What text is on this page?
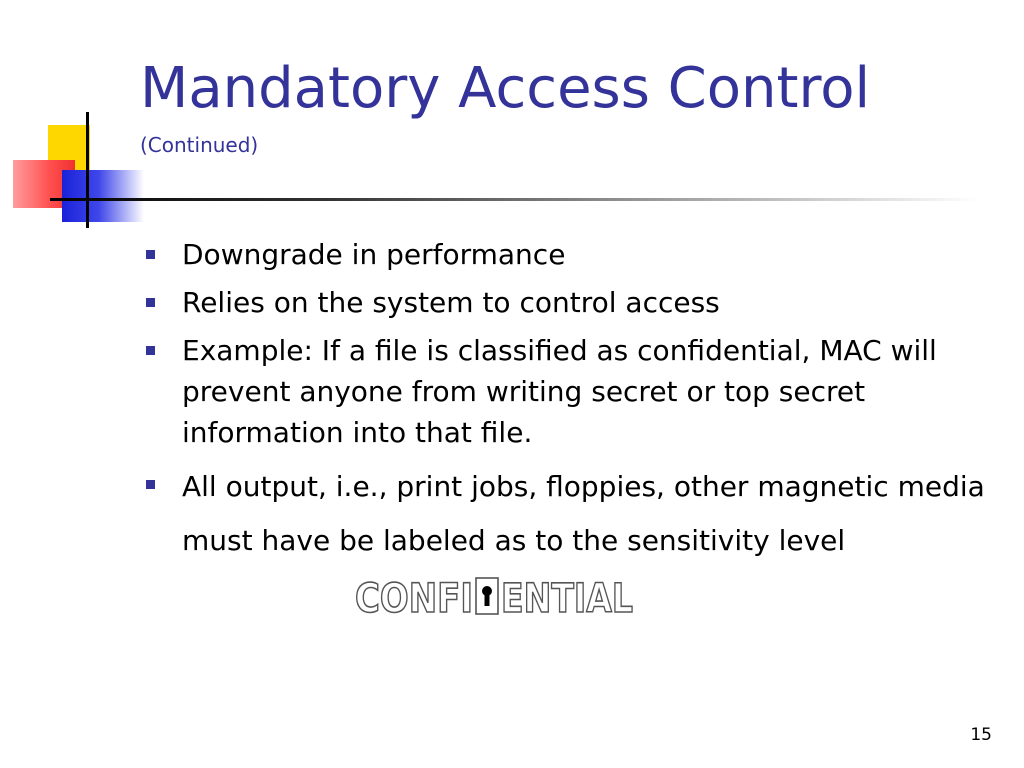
Mandatory Access Control
(Continued)
Downgrade in performance
Relies on the system to control access
Example: If a file is classified as confidential, MAC will prevent anyone from writing secret or top secret information into that file.
All output, i.e., print jobs, floppies, other magnetic media must have be labeled as to the sensitivity level
CONFI ENTIAL
15
